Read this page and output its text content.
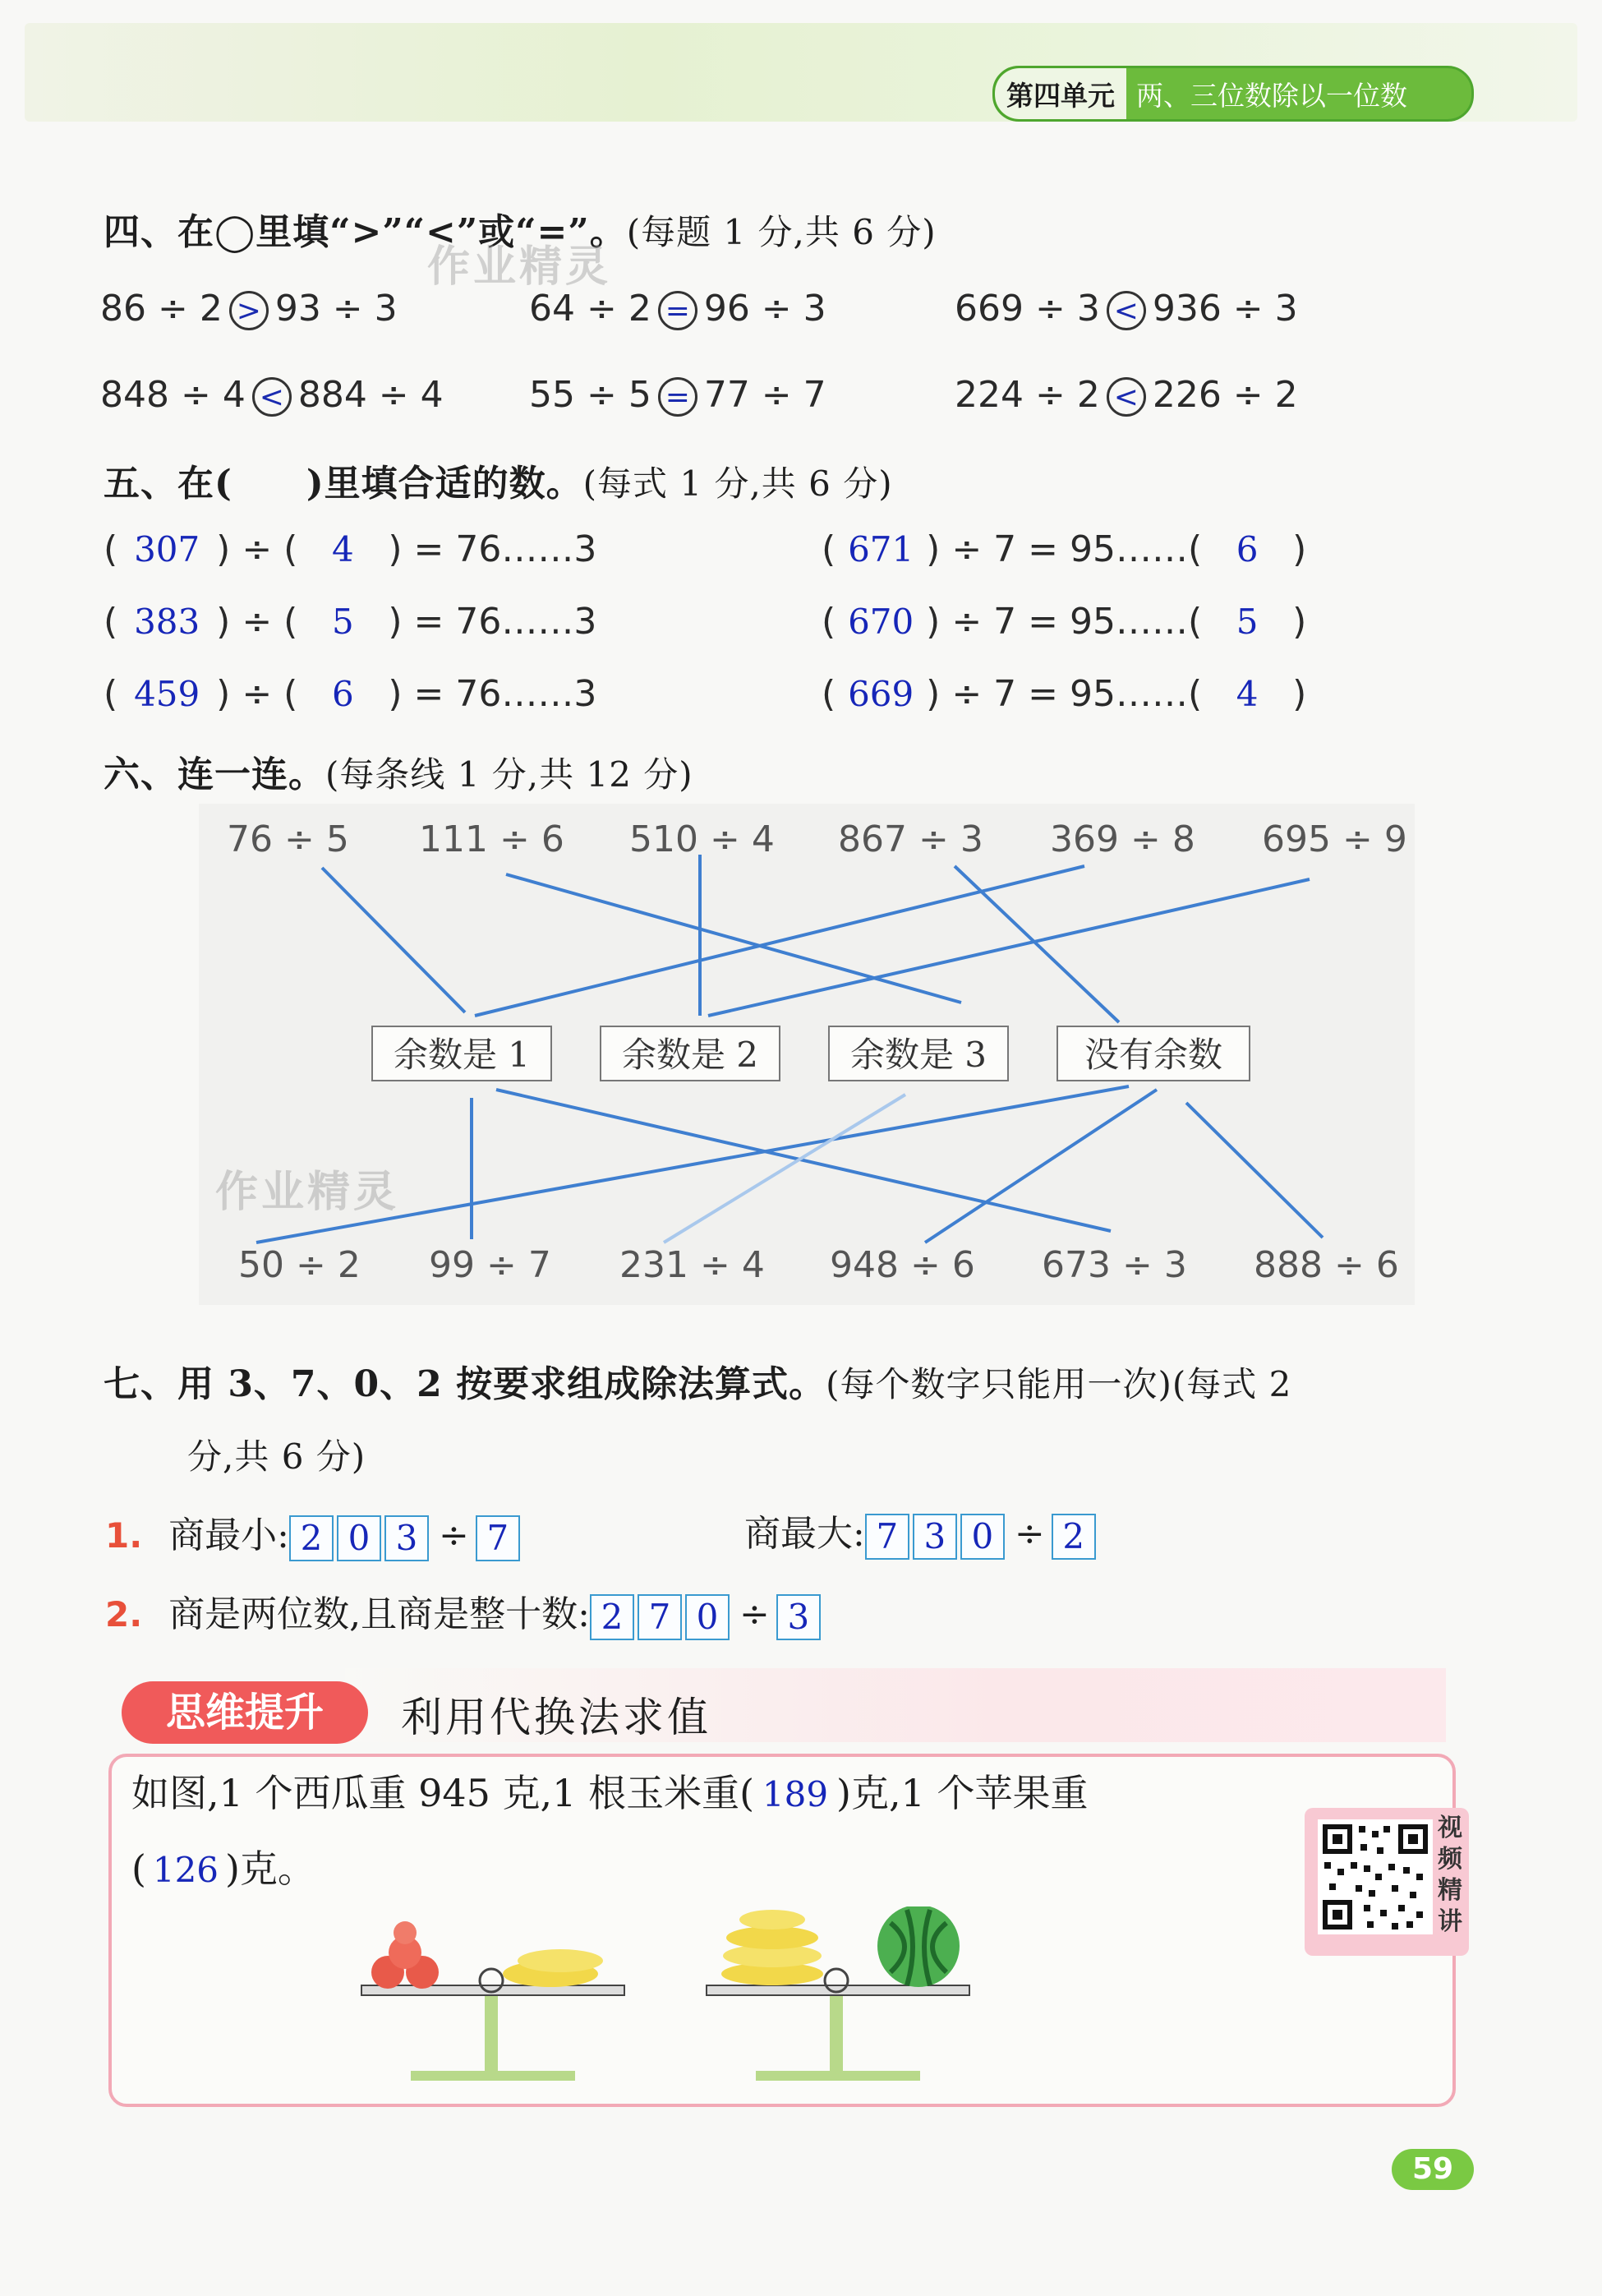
第四单元 两、三位数除以一位数
四、在◯里填“>”“<”或“=”。(每题 1 分,共 6 分)
作业精灵
86 ÷ 2 > 93 ÷ 3	64 ÷ 2 = 96 ÷ 3	669 ÷ 3 < 936 ÷ 3
848 ÷ 4 < 884 ÷ 4 55 ÷ 5 = 77 ÷ 7	224 ÷ 2 < 226 ÷ 2
五、在(　　)里填合适的数。(每式 1 分,共 6 分)
( 307 ) ÷ ( 4 ) = 76……3
( 383 ) ÷ ( 5 ) = 76……3
( 459 ) ÷ ( 6 ) = 76……3
( 671 ) ÷ 7 = 95……( 6 )
( 670 ) ÷ 7 = 95……( 5 )
( 669 ) ÷ 7 = 95……( 4 )
六、连一连。(每条线 1 分,共 12 分)
76 ÷ 5 111 ÷ 6 510 ÷ 4 867 ÷ 3 369 ÷ 8 695 ÷ 9
余数是 1	余数是 2	余数是 3	没有余数
50 ÷ 2 99 ÷ 7 231 ÷ 4 948 ÷ 6 673 ÷ 3 888 ÷ 6
作业精灵
七、用 3、7、0、2 按要求组成除法算式。(每个数字只能用一次)(每式 2
分,共 6 分)
1. 商最小: 2 0 3 ÷ 7	商最大: 7 3 0 ÷ 2
2. 商是两位数,且商是整十数: 2 7 0 ÷ 3
思维提升	利用代换法求值
如图,1 个西瓜重 945 克,1 根玉米重( 189 )克,1 个苹果重
( 126 )克。
视
频
精
讲
59
